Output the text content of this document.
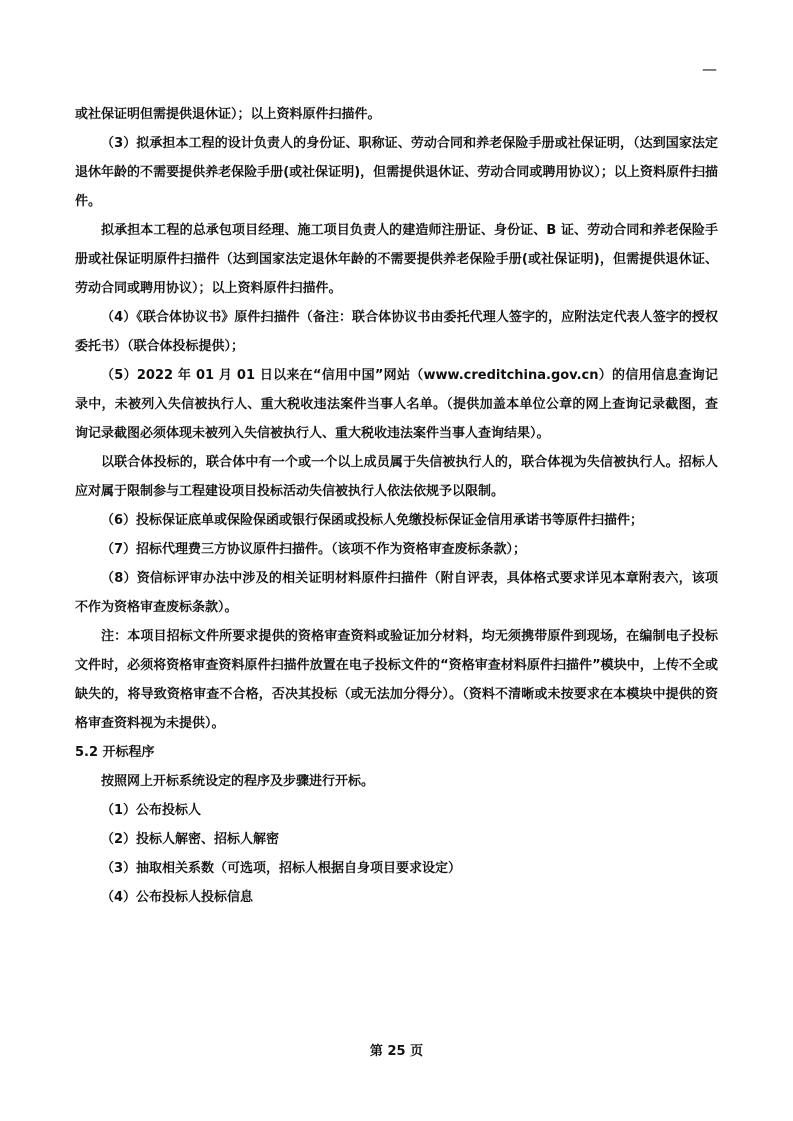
—

或社保证明但需提供退休证）；以上资料原件扫描件。

（3）拟承担本工程的设计负责人的身份证、职称证、劳动合同和养老保险手册或社保证明，（达到国家法定退休年龄的不需要提供养老保险手册(或社保证明)，但需提供退休证、劳动合同或聘用协议）；以上资料原件扫描件。

拟承担本工程的总承包项目经理、施工项目负责人的建造师注册证、身份证、B 证、劳动合同和养老保险手册或社保证明原件扫描件（达到国家法定退休年龄的不需要提供养老保险手册(或社保证明)，但需提供退休证、劳动合同或聘用协议）；以上资料原件扫描件。

（4）《联合体协议书》原件扫描件（备注：联合体协议书由委托代理人签字的，应附法定代表人签字的授权委托书）（联合体投标提供）；

（5）2022 年 01 月 01 日以来在“信用中国”网站（www.creditchina.gov.cn）的信用信息查询记录中，未被列入失信被执行人、重大税收违法案件当事人名单。（提供加盖本单位公章的网上查询记录截图，查询记录截图必须体现未被列入失信被执行人、重大税收违法案件当事人查询结果）。

以联合体投标的，联合体中有一个或一个以上成员属于失信被执行人的，联合体视为失信被执行人。招标人应对属于限制参与工程建设项目投标活动失信被执行人依法依规予以限制。

（6）投标保证底单或保险保函或银行保函或投标人免缴投标保证金信用承诺书等原件扫描件；

（7）招标代理费三方协议原件扫描件。（该项不作为资格审查废标条款）；

（8）资信标评审办法中涉及的相关证明材料原件扫描件（附自评表，具体格式要求详见本章附表六，该项不作为资格审查废标条款）。

注：本项目招标文件所要求提供的资格审查资料或验证加分材料，均无须携带原件到现场，在编制电子投标文件时，必须将资格审查资料原件扫描件放置在电子投标文件的“资格审查材料原件扫描件”模块中，上传不全或缺失的，将导致资格审查不合格，否决其投标（或无法加分得分）。（资料不清晰或未按要求在本模块中提供的资格审查资料视为未提供）。

5.2 开标程序

按照网上开标系统设定的程序及步骤进行开标。

（1）公布投标人

（2）投标人解密、招标人解密

（3）抽取相关系数（可选项，招标人根据自身项目要求设定）

（4）公布投标人投标信息

第 25 页
